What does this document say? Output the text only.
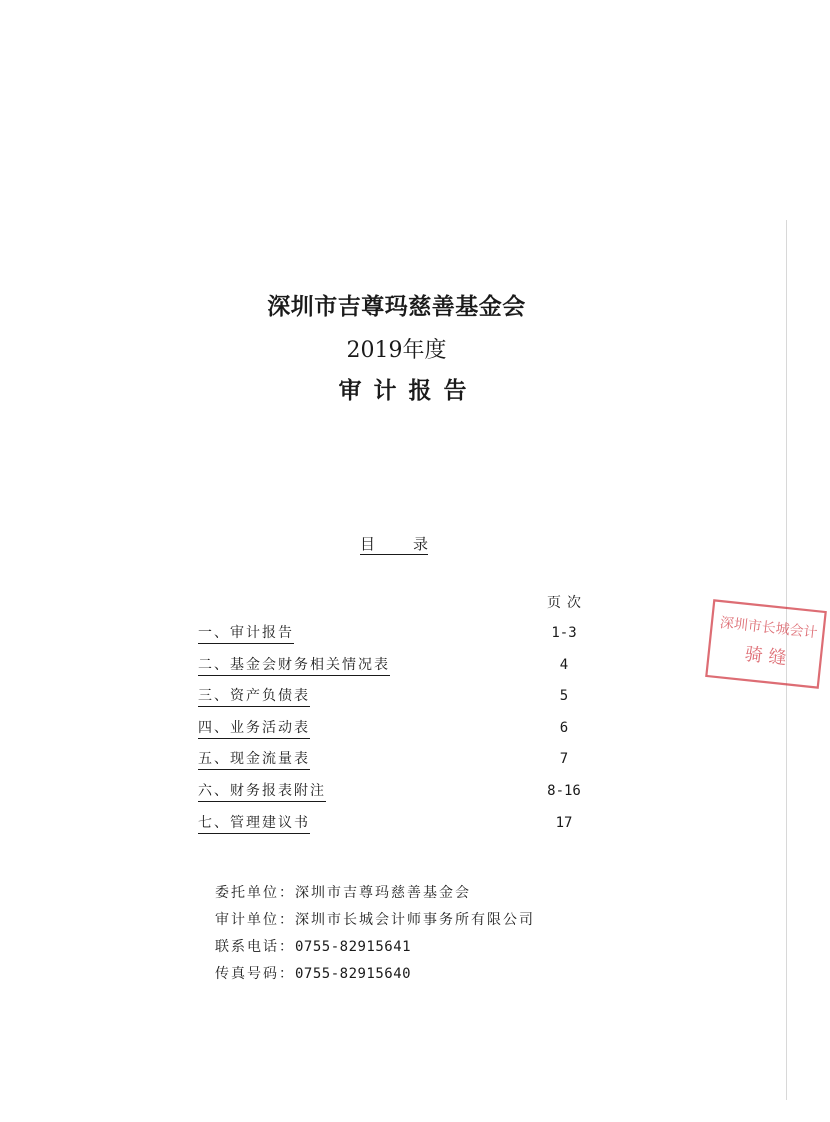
深圳市吉尊玛慈善基金会
2019年度
审计报告
目	录
页次
一、审计报告	1-3
二、基金会财务相关情况表	4
三、资产负债表	5
四、业务活动表	6
五、现金流量表	7
六、财务报表附注	8-16
七、管理建议书	17
委托单位：深圳市吉尊玛慈善基金会
审计单位：深圳市长城会计师事务所有限公司
联系电话：0755-82915641
传真号码：0755-82915640
深圳市长城会计
骑 缝
